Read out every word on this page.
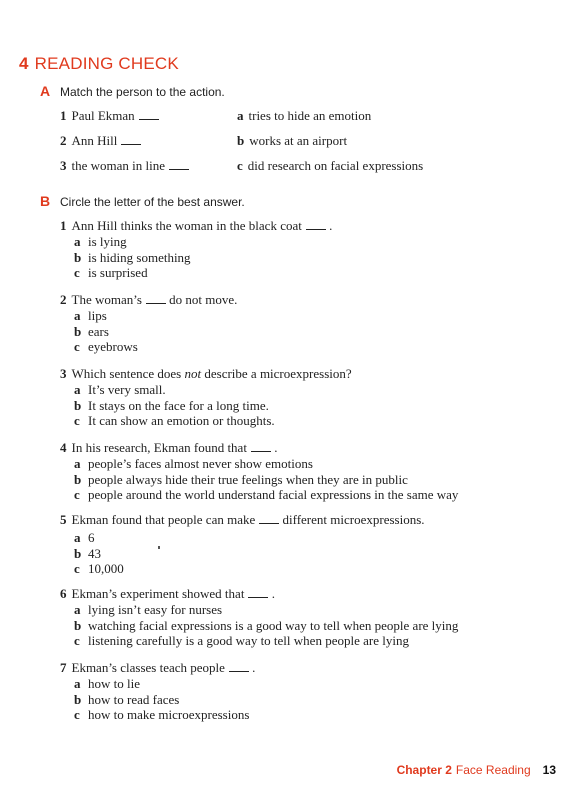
4 READING CHECK
A Match the person to the action.
1 Paul Ekman
2 Ann Hill
3 the woman in line
a tries to hide an emotion
b works at an airport
c did research on facial expressions
B Circle the letter of the best answer.
1 Ann Hill thinks the woman in the black coat .
a is lying
b is hiding something
c is surprised
2 The woman’s do not move.
a lips
b ears
c eyebrows
3 Which sentence does not describe a microexpression?
a It’s very small.
b It stays on the face for a long time.
c It can show an emotion or thoughts.
4 In his research, Ekman found that .
a people’s faces almost never show emotions
b people always hide their true feelings when they are in public
c people around the world understand facial expressions in the same way
5 Ekman found that people can make different microexpressions.
a 6
b 43
c 10,000
6 Ekman’s experiment showed that .
a lying isn’t easy for nurses
b watching facial expressions is a good way to tell when people are lying
c listening carefully is a good way to tell when people are lying
7 Ekman’s classes teach people .
a how to lie
b how to read faces
c how to make microexpressions
Chapter 2 Face Reading 13
